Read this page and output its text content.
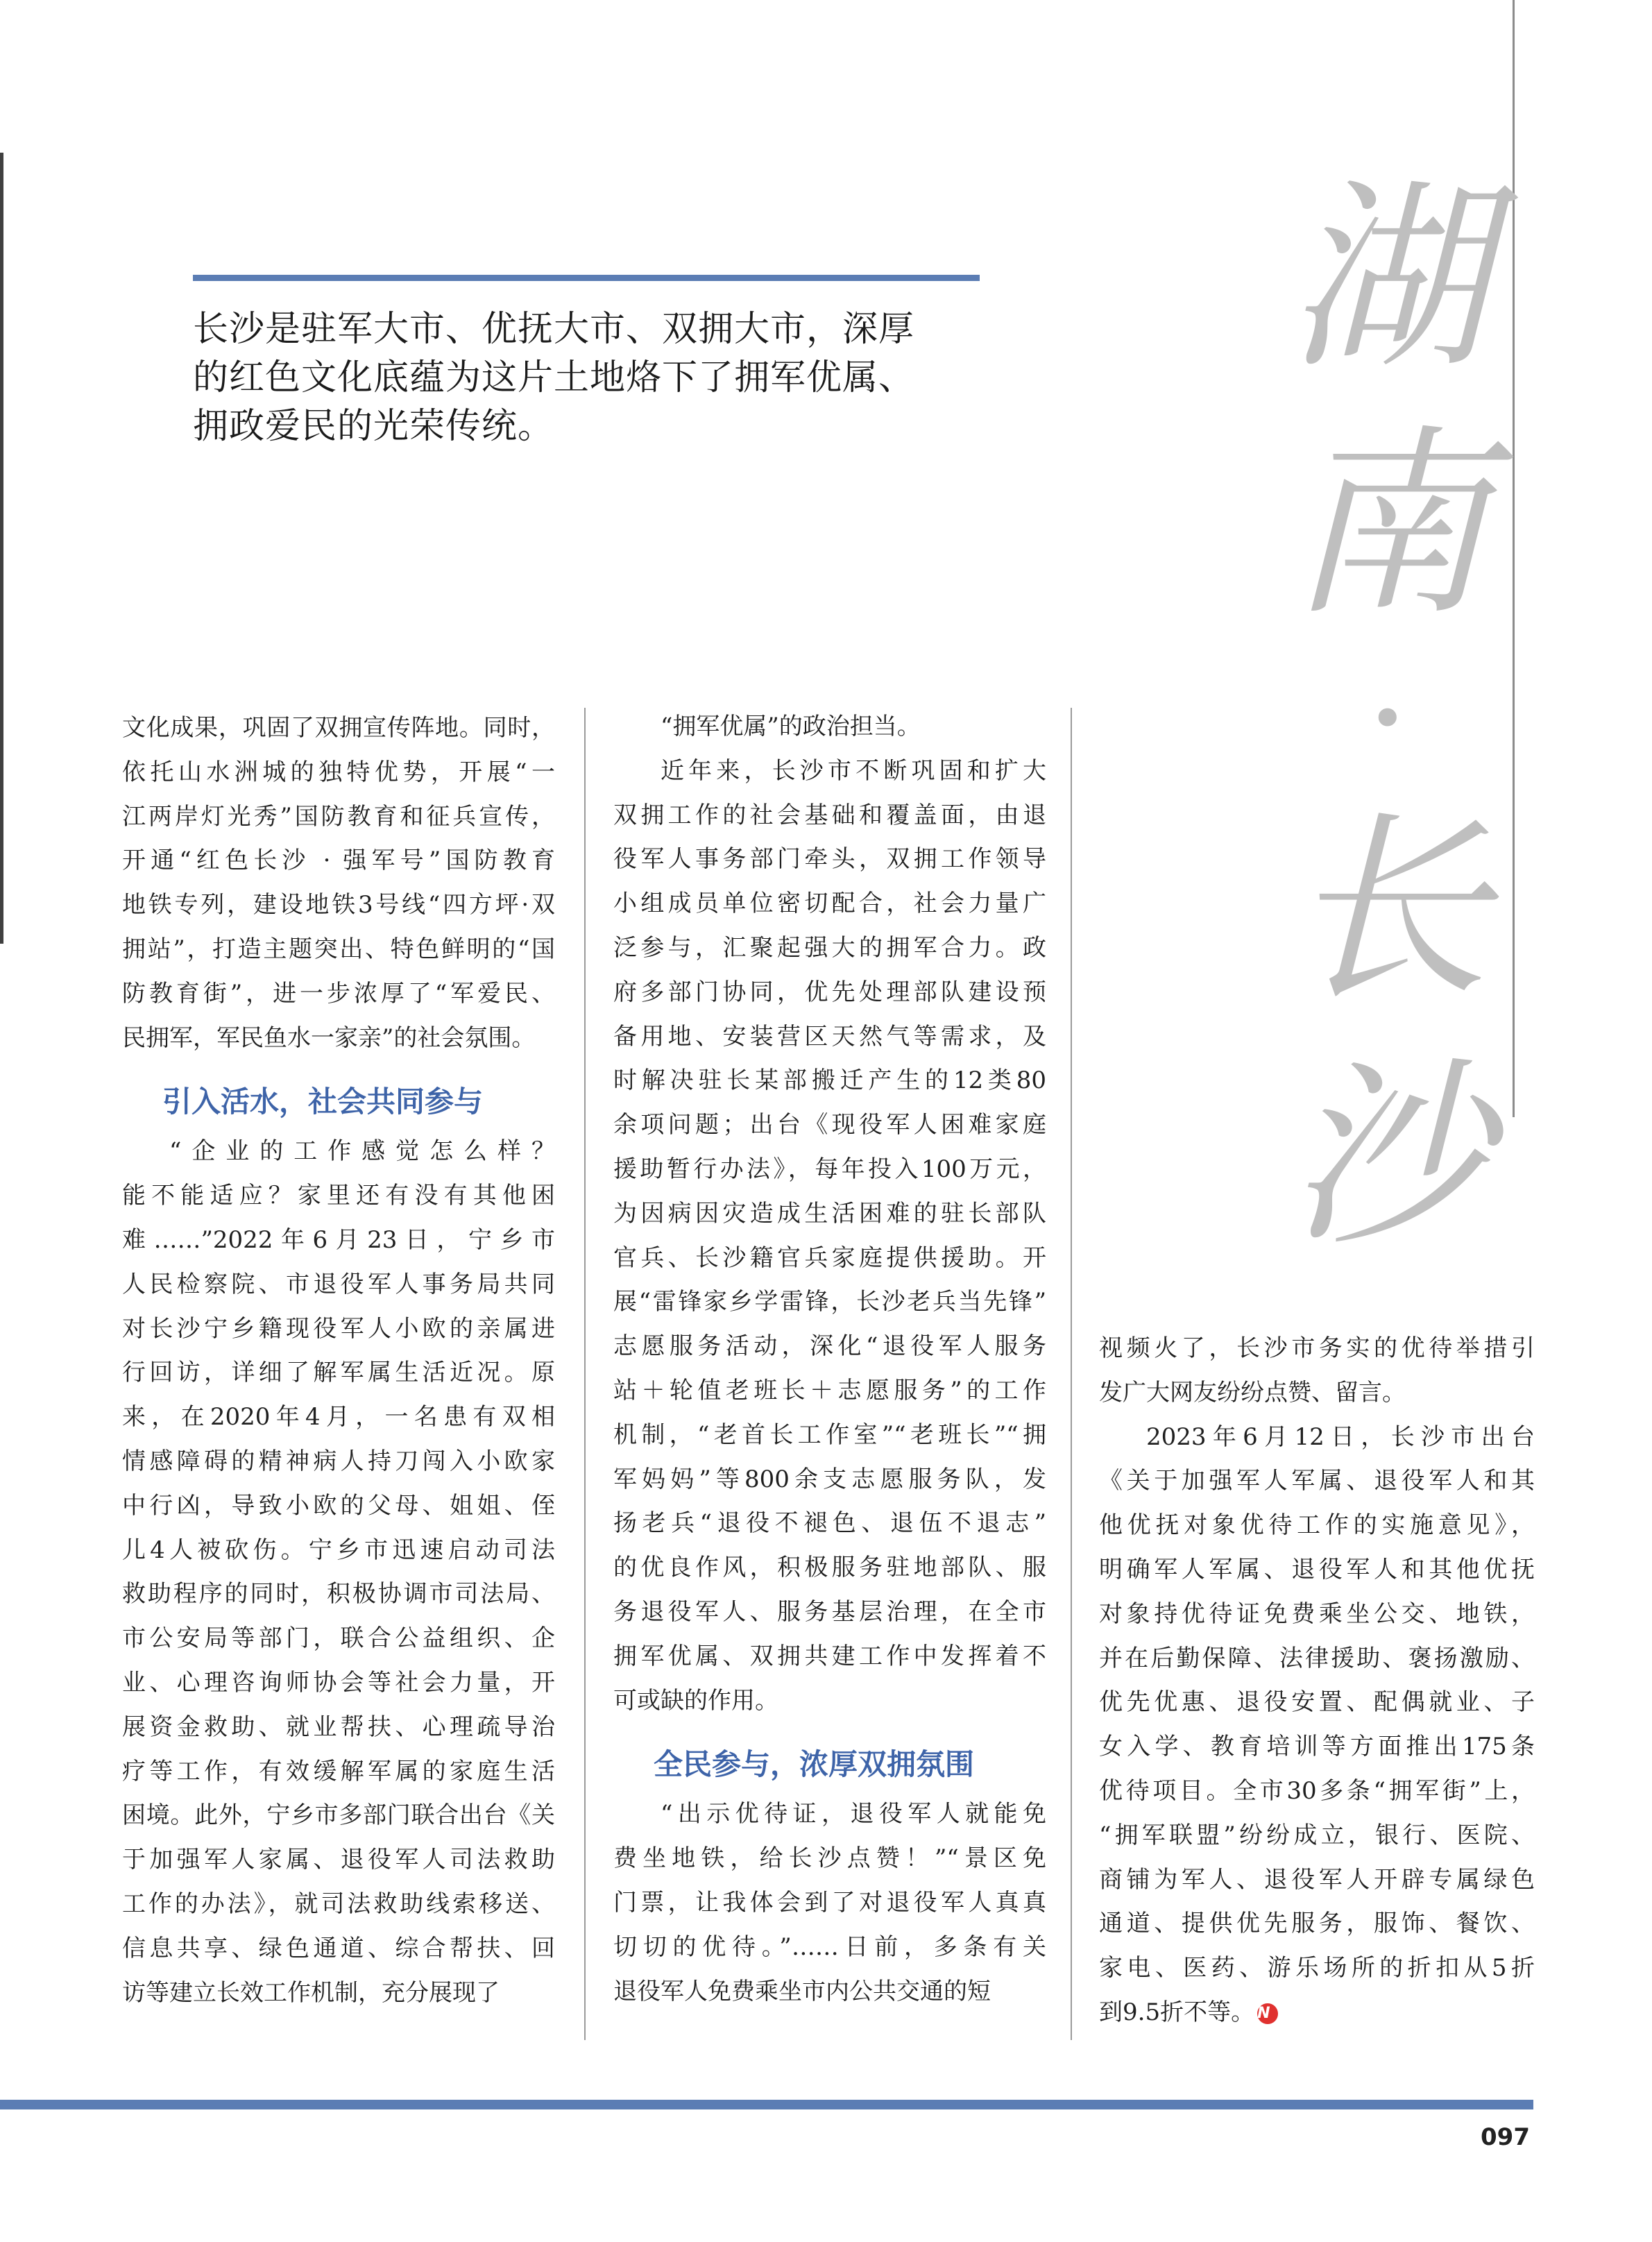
长沙是驻军大市、优抚大市、双拥大市，深厚
的红色文化底蕴为这片土地烙下了拥军优属、
拥政爱民的光荣传统。
湖
南
·
长
沙
文化成果，巩固了双拥宣传阵地。同时，
依托山水洲城的独特优势，开展“一
江两岸灯光秀”国防教育和征兵宣传，
开通“红色长沙 · 强军号”国防教育
地铁专列，建设地铁3号线“四方坪·双
拥站”，打造主题突出、特色鲜明的“国
防教育街”，进一步浓厚了“军爱民、
民拥军，军民鱼水一家亲”的社会氛围。
引入活水，社会共同参与
“企业的工作感觉怎么样？
能不能适应？家里还有没有其他困
难……”2022年6月23日，宁乡市
人民检察院、市退役军人事务局共同
对长沙宁乡籍现役军人小欧的亲属进
行回访，详细了解军属生活近况。原
来，在2020年4月，一名患有双相
情感障碍的精神病人持刀闯入小欧家
中行凶，导致小欧的父母、姐姐、侄
儿4人被砍伤。宁乡市迅速启动司法
救助程序的同时，积极协调市司法局、
市公安局等部门，联合公益组织、企
业、心理咨询师协会等社会力量，开
展资金救助、就业帮扶、心理疏导治
疗等工作，有效缓解军属的家庭生活
困境。此外，宁乡市多部门联合出台《关
于加强军人家属、退役军人司法救助
工作的办法》，就司法救助线索移送、
信息共享、绿色通道、综合帮扶、回
访等建立长效工作机制，充分展现了
“拥军优属”的政治担当。
近年来，长沙市不断巩固和扩大
双拥工作的社会基础和覆盖面，由退
役军人事务部门牵头，双拥工作领导
小组成员单位密切配合，社会力量广
泛参与，汇聚起强大的拥军合力。政
府多部门协同，优先处理部队建设预
备用地、安装营区天然气等需求，及
时解决驻长某部搬迁产生的12类80
余项问题；出台《现役军人困难家庭
援助暂行办法》，每年投入100万元，
为因病因灾造成生活困难的驻长部队
官兵、长沙籍官兵家庭提供援助。开
展“雷锋家乡学雷锋，长沙老兵当先锋”
志愿服务活动，深化“退役军人服务
站＋轮值老班长＋志愿服务”的工作
机制，“老首长工作室”“老班长”“拥
军妈妈”等800余支志愿服务队，发
扬老兵“退役不褪色、退伍不退志”
的优良作风，积极服务驻地部队、服
务退役军人、服务基层治理，在全市
拥军优属、双拥共建工作中发挥着不
可或缺的作用。
全民参与，浓厚双拥氛围
“出示优待证，退役军人就能免
费坐地铁，给长沙点赞！”“景区免
门票，让我体会到了对退役军人真真
切切的优待。”……日前，多条有关
退役军人免费乘坐市内公共交通的短
视频火了，长沙市务实的优待举措引
发广大网友纷纷点赞、留言。
2023年6月12日，长沙市出台
《关于加强军人军属、退役军人和其
他优抚对象优待工作的实施意见》，
明确军人军属、退役军人和其他优抚
对象持优待证免费乘坐公交、地铁，
并在后勤保障、法律援助、褒扬激励、
优先优惠、退役安置、配偶就业、子
女入学、教育培训等方面推出175条
优待项目。全市30多条“拥军街”上，
“拥军联盟”纷纷成立，银行、医院、
商铺为军人、退役军人开辟专属绿色
通道、提供优先服务，服饰、餐饮、
家电、医药、游乐场所的折扣从5折
到9.5折不等。 N
097
